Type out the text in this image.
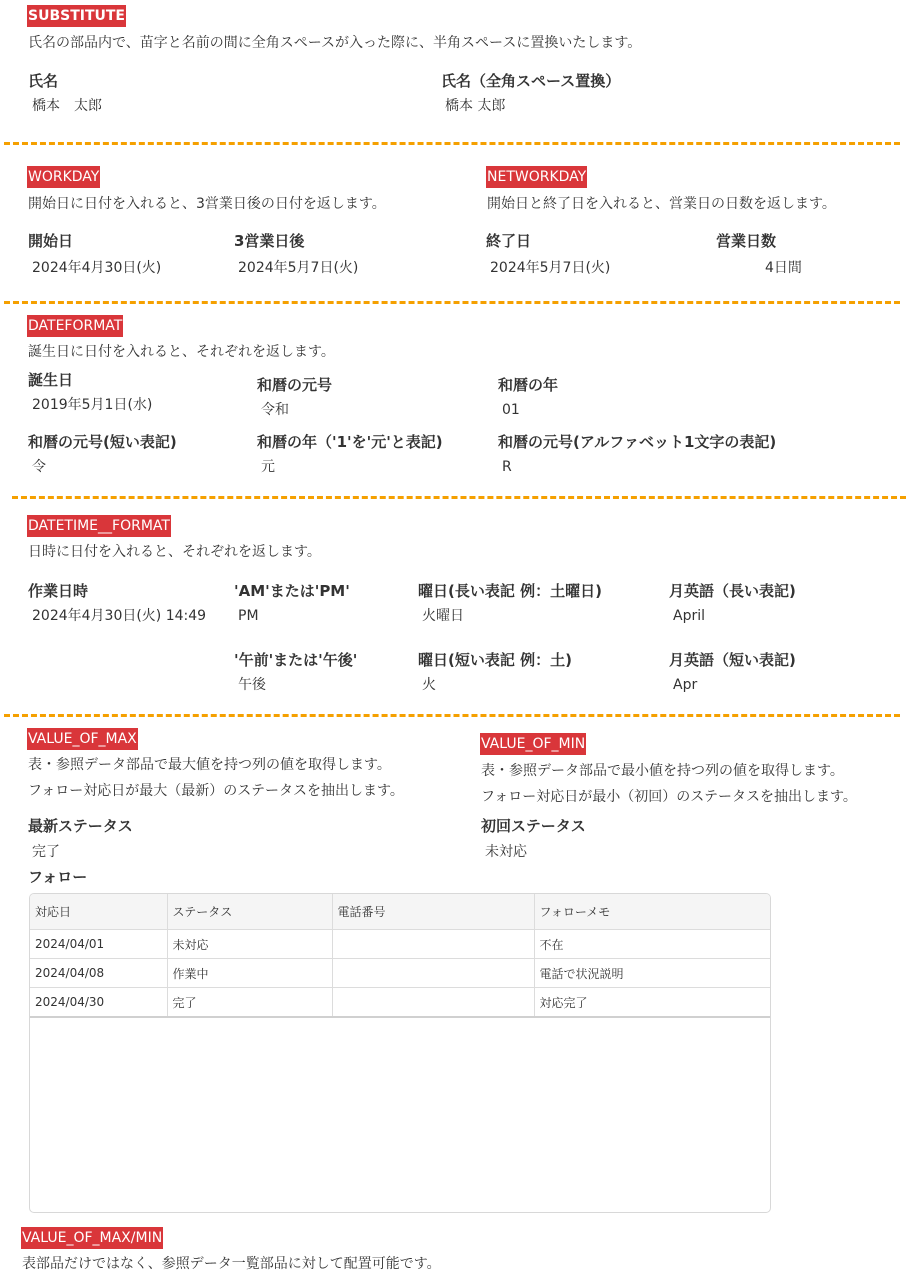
SUBSTITUTE
氏名の部品内で、苗字と名前の間に全角スペースが入った際に、半角スペースに置換いたします。
氏名
橋本　太郎
氏名（全角スペース置換）
橋本 太郎
WORKDAY
開始日に日付を入れると、3営業日後の日付を返します。
開始日
2024年4月30日(火)
3営業日後
2024年5月7日(火)
NETWORKDAY
開始日と終了日を入れると、営業日の日数を返します。
終了日
2024年5月7日(火)
営業日数
4日間
DATEFORMAT
誕生日に日付を入れると、それぞれを返します。
誕生日
2019年5月1日(水)
和暦の元号
令和
和暦の年
01
和暦の元号(短い表記)
令
和暦の年（'1'を'元'と表記)
元
和暦の元号(アルファベット1文字の表記)
R
DATETIME__FORMAT
日時に日付を入れると、それぞれを返します。
作業日時
2024年4月30日(火) 14:49
'AM'または'PM'
PM
曜日(長い表記 例：土曜日)
火曜日
月英語（長い表記)
April
'午前'または'午後'
午後
曜日(短い表記 例：土)
火
月英語（短い表記)
Apr
VALUE_OF_MAX
表・参照データ部品で最大値を持つ列の値を取得します。
フォロー対応日が最大（最新）のステータスを抽出します。
最新ステータス
完了
VALUE_OF_MIN
表・参照データ部品で最小値を持つ列の値を取得します。
フォロー対応日が最小（初回）のステータスを抽出します。
初回ステータス
未対応
フォロー
対応日	ステータス	電話番号	フォローメモ
2024/04/01	未対応		不在
2024/04/08	作業中		電話で状況説明
2024/04/30	完了		対応完了
VALUE_OF_MAX/MIN
表部品だけではなく、参照データ一覧部品に対して配置可能です。
